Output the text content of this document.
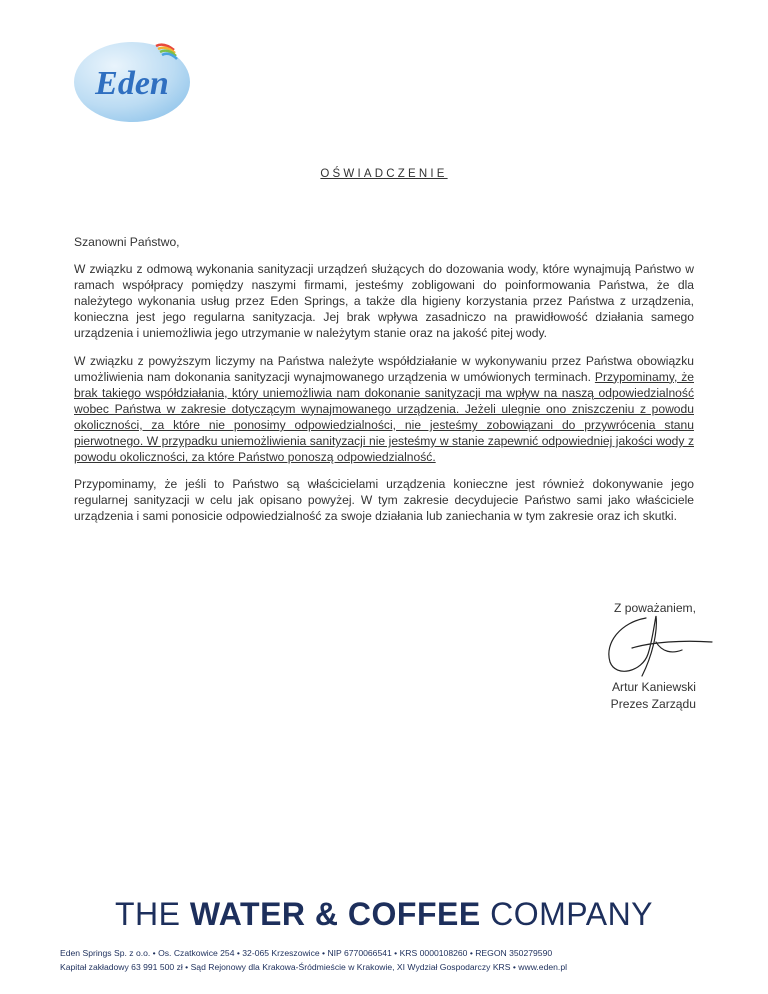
Eden
OŚWIADCZENIE

Szanowni Państwo,

W związku z odmową wykonania sanityzacji urządzeń służących do dozowania wody, które wynajmują Państwo w ramach współpracy pomiędzy naszymi firmami, jesteśmy zobligowani do poinformowania Państwa, że dla należytego wykonania usług przez Eden Springs, a także dla higieny korzystania przez Państwa z urządzenia, konieczna jest jego regularna sanityzacja. Jej brak wpływa zasadniczo na prawidłowość działania samego urządzenia i uniemożliwia jego utrzymanie w należytym stanie oraz na jakość pitej wody.

W związku z powyższym liczymy na Państwa należyte współdziałanie w wykonywaniu przez Państwa obowiązku umożliwienia nam dokonania sanityzacji wynajmowanego urządzenia w umówionych terminach. Przypominamy, że brak takiego współdziałania, który uniemożliwia nam dokonanie sanityzacji ma wpływ na naszą odpowiedzialność wobec Państwa w zakresie dotyczącym wynajmowanego urządzenia. Jeżeli ulegnie ono zniszczeniu z powodu okoliczności, za które nie ponosimy odpowiedzialności, nie jesteśmy zobowiązani do przywrócenia stanu pierwotnego. W przypadku uniemożliwienia sanityzacji nie jesteśmy w stanie zapewnić odpowiedniej jakości wody z powodu okoliczności, za które Państwo ponoszą odpowiedzialność.

Przypominamy, że jeśli to Państwo są właścicielami urządzenia konieczne jest również dokonywanie jego regularnej sanityzacji w celu jak opisano powyżej. W tym zakresie decydujecie Państwo sami jako właściciele urządzenia i sami ponosicie odpowiedzialność za swoje działania lub zaniechania w tym zakresie oraz ich skutki.

Z poważaniem,
Artur Kaniewski
Prezes Zarządu
THE WATER & COFFEE COMPANY
Eden Springs Sp. z o.o. • Os. Czatkowice 254 • 32-065 Krzeszowice • NIP 6770066541 • KRS 0000108260 • REGON 350279590
Kapitał zakładowy 63 991 500 zł • Sąd Rejonowy dla Krakowa-Śródmieście w Krakowie, XI Wydział Gospodarczy KRS • www.eden.pl
